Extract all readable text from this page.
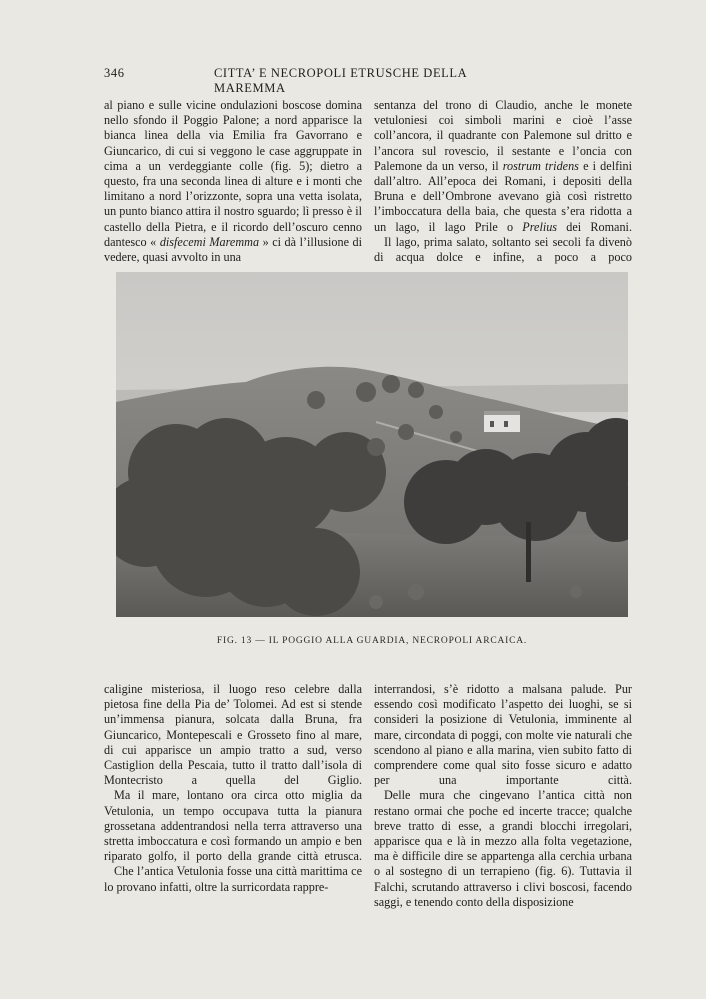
346	CITTA’ E NECROPOLI ETRUSCHE DELLA MAREMMA

al piano e sulle vicine ondulazioni boscose domina nello sfondo il Poggio Palone; a nord apparisce la bianca linea della via Emilia fra Gavorrano e Giuncarico, di cui si veggono le case aggruppate in cima a un verdeggiante colle (fig. 5); dietro a questo, fra una seconda linea di alture e i monti che limitano a nord l’orizzonte, sopra una vetta isolata, un punto bianco attira il nostro sguardo; lì presso è il castello della Pietra, e il ricordo dell’oscuro cenno dantesco « disfecemi Maremma » ci dà l’illusione di vedere, quasi avvolto in una

sentanza del trono di Claudio, anche le monete vetuloniesi coi simboli marini e cioè l’asse coll’ancora, il quadrante con Palemone sul dritto e l’ancora sul rovescio, il sestante e l’oncia con Palemone da un verso, il rostrum tridens e i delfini dall’altro. All’epoca dei Romani, i depositi della Bruna e dell’Ombrone avevano già così ristretto l’imboccatura della baia, che questa s’era ridotta a un lago, il lago Prile o Prelius dei Romani.

Il lago, prima salato, soltanto sei secoli fa divenò di acqua dolce e infine, a poco a poco

FIG. 13 — IL POGGIO ALLA GUARDIA, NECROPOLI ARCAICA.

caligine misteriosa, il luogo reso celebre dalla pietosa fine della Pia de’ Tolomei. Ad est si stende un’immensa pianura, solcata dalla Bruna, fra Giuncarico, Montepescali e Grosseto fino al mare, di cui apparisce un ampio tratto a sud, verso Castiglion della Pescaia, tutto il tratto dall’isola di Montecristo a quella del Giglio.

Ma il mare, lontano ora circa otto miglia da Vetulonia, un tempo occupava tutta la pianura grossetana addentrandosi nella terra attraverso una stretta imboccatura e così formando un ampio e ben riparato golfo, il porto della grande città etrusca.

Che l’antica Vetulonia fosse una città marittima ce lo provano infatti, oltre la surricordata rappre-

interrandosi, s’è ridotto a malsana palude. Pur essendo così modificato l’aspetto dei luoghi, se si consideri la posizione di Vetulonia, imminente al mare, circondata di poggi, con molte vie naturali che scendono al piano e alla marina, vien subito fatto di comprendere come qual sito fosse sicuro e adatto per una importante città.

Delle mura che cingevano l’antica città non restano ormai che poche ed incerte tracce; qualche breve tratto di esse, a grandi blocchi irregolari, apparisce qua e là in mezzo alla folta vegetazione, ma è difficile dire se appartenga alla cerchia urbana o al sostegno di un terrapieno (fig. 6). Tuttavia il Falchi, scrutando attraverso i clivi boscosi, facendo saggi, e tenendo conto della disposizione
